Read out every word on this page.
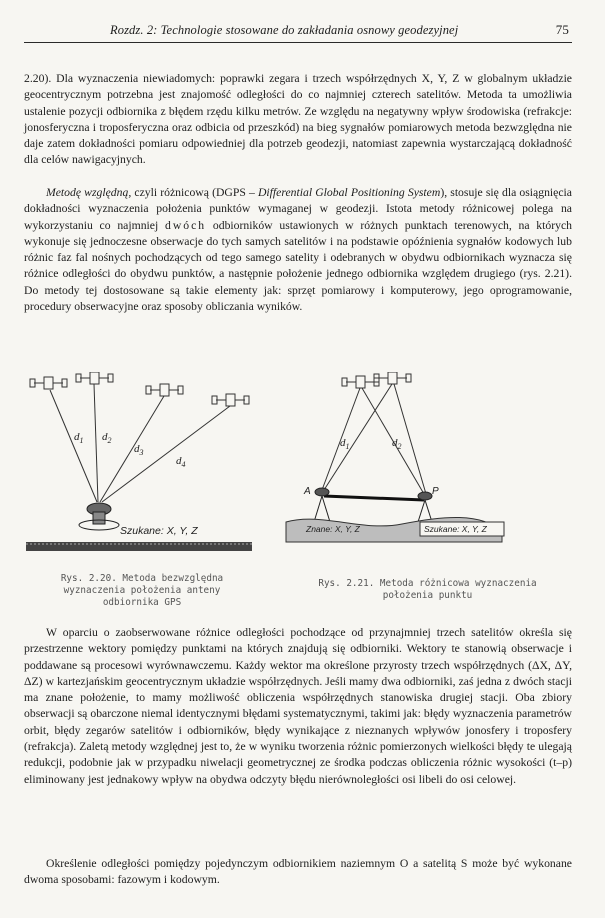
Rozdz. 2: Technologie stosowane do zakładania osnowy geodezyjnej	75

2.20). Dla wyznaczenia niewiadomych: poprawki zegara i trzech współrzędnych X, Y, Z w globalnym układzie geocentrycznym potrzebna jest znajomość odległości do co najmniej czterech satelitów. Metoda ta umożliwia ustalenie pozycji odbiornika z błędem rzędu kilku metrów. Ze względu na negatywny wpływ środowiska (refrakcje: jonosferyczna i troposferyczna oraz odbicia od przeszkód) na bieg sygnałów pomiarowych metoda bezwzględna nie daje zatem dokładności pomiaru odpowiedniej dla potrzeb geodezji, natomiast zapewnia wystarczającą dokładność dla celów nawigacyjnych.

Metodę względną, czyli różnicową (DGPS – Differential Global Positioning System), stosuje się dla osiągnięcia dokładności wyznaczenia położenia punktów wymaganej w geodezji. Istota metody różnicowej polega na wykorzystaniu co najmniej dwóch odbiorników ustawionych w różnych punktach terenowych, na których wykonuje się jednoczesne obserwacje do tych samych satelitów i na podstawie opóźnienia sygnałów kodowych lub różnic faz fal nośnych pochodzących od tego samego satelity i odebranych w obydwu odbiornikach wyznacza się różnice odległości do obydwu punktów, a następnie położenie jednego odbiornika względem drugiego (rys. 2.21). Do metody tej dostosowane są takie elementy jak: sprzęt pomiarowy i komputerowy, jego oprogramowanie, procedury obserwacyjne oraz sposoby obliczania wyników.

$d_1$ $d_2$
$d_3$
$d_4$
Szukane: X, Y, Z
Rys. 2.20. Metoda bezwzględna
wyznaczenia położenia anteny
odbiornika GPS
$d_1$	$d_2$
A	P
Znane: X, Y, Z	Szukane: X, Y, Z
Rys. 2.21. Metoda różnicowa wyznaczenia
położenia punktu

W oparciu o zaobserwowane różnice odległości pochodzące od przynajmniej trzech satelitów określa się przestrzenne wektory pomiędzy punktami na których znajdują się odbiorniki. Wektory te stanowią obserwacje i poddawane są procesowi wyrównawczemu. Każdy wektor ma określone przyrosty trzech współrzędnych (ΔX, ΔY, ΔZ) w kartezjańskim geocentrycznym układzie współrzędnych. Jeśli mamy dwa odbiorniki, zaś jedna z dwóch stacji ma znane położenie, to mamy możliwość obliczenia współrzędnych stanowiska drugiej stacji. Oba zbiory obserwacji są obarczone niemal identycznymi błędami systematycznymi, takimi jak: błędy wyznaczenia parametrów orbit, błędy zegarów satelitów i odbiorników, błędy wynikające z nieznanych wpływów jonosfery i troposfery (refrakcja). Zaletą metody względnej jest to, że w wyniku tworzenia różnic pomierzonych wielkości błędy te ulegają redukcji, podobnie jak w przypadku niwelacji geometrycznej ze środka podczas obliczenia różnic wysokości (t–p) eliminowany jest jednakowy wpływ na obydwa odczyty błędu nierównoległości osi libeli do osi celowej.

Określenie odległości pomiędzy pojedynczym odbiornikiem naziemnym O a satelitą S może być wykonane dwoma sposobami: fazowym i kodowym.
